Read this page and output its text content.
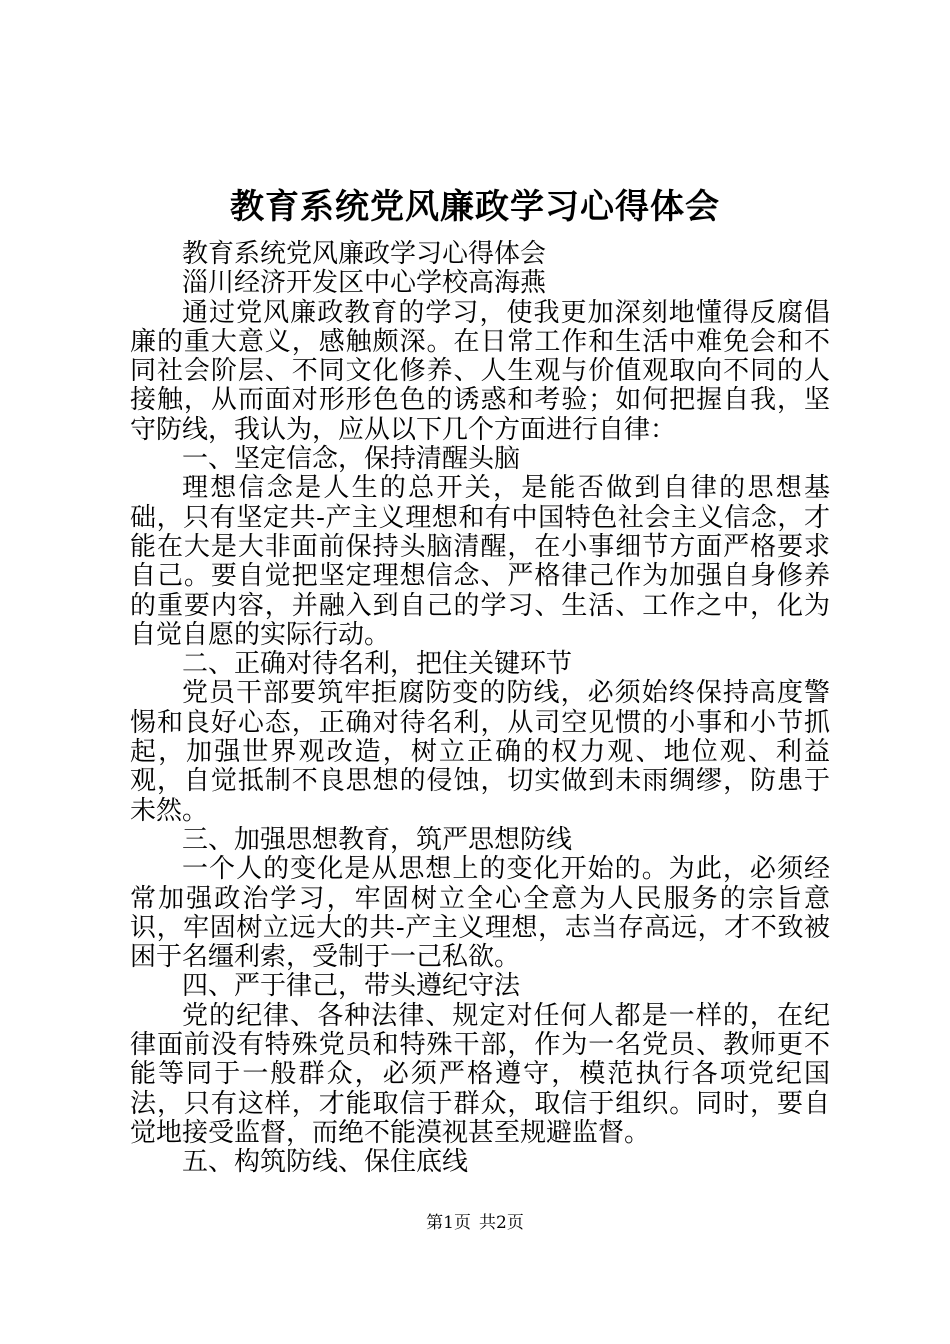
教育系统党风廉政学习心得体会

教育系统党风廉政学习心得体会

淄川经济开发区中心学校高海燕

通过党风廉政教育的学习，使我更加深刻地懂得反腐倡廉的重大意义，感触颇深。在日常工作和生活中难免会和不同社会阶层、不同文化修养、人生观与价值观取向不同的人接触，从而面对形形色色的诱惑和考验；如何把握自我，坚守防线，我认为，应从以下几个方面进行自律：

一、坚定信念，保持清醒头脑

理想信念是人生的总开关，是能否做到自律的思想基础，只有坚定共-产主义理想和有中国特色社会主义信念，才能在大是大非面前保持头脑清醒，在小事细节方面严格要求自己。要自觉把坚定理想信念、严格律己作为加强自身修养的重要内容，并融入到自己的学习、生活、工作之中，化为自觉自愿的实际行动。

二、正确对待名利，把住关键环节

党员干部要筑牢拒腐防变的防线，必须始终保持高度警惕和良好心态，正确对待名利，从司空见惯的小事和小节抓起，加强世界观改造，树立正确的权力观、地位观、利益观，自觉抵制不良思想的侵蚀，切实做到未雨绸缪，防患于未然。

三、加强思想教育，筑严思想防线

一个人的变化是从思想上的变化开始的。为此，必须经常加强政治学习，牢固树立全心全意为人民服务的宗旨意识，牢固树立远大的共-产主义理想，志当存高远，才不致被困于名缰利索，受制于一己私欲。

四、严于律己，带头遵纪守法

党的纪律、各种法律、规定对任何人都是一样的，在纪律面前没有特殊党员和特殊干部，作为一名党员、教师更不能等同于一般群众，必须严格遵守，模范执行各项党纪国法，只有这样，才能取信于群众，取信于组织。同时，要自觉地接受监督，而绝不能漠视甚至规避监督。

五、构筑防线、保住底线

第1页 共2页
